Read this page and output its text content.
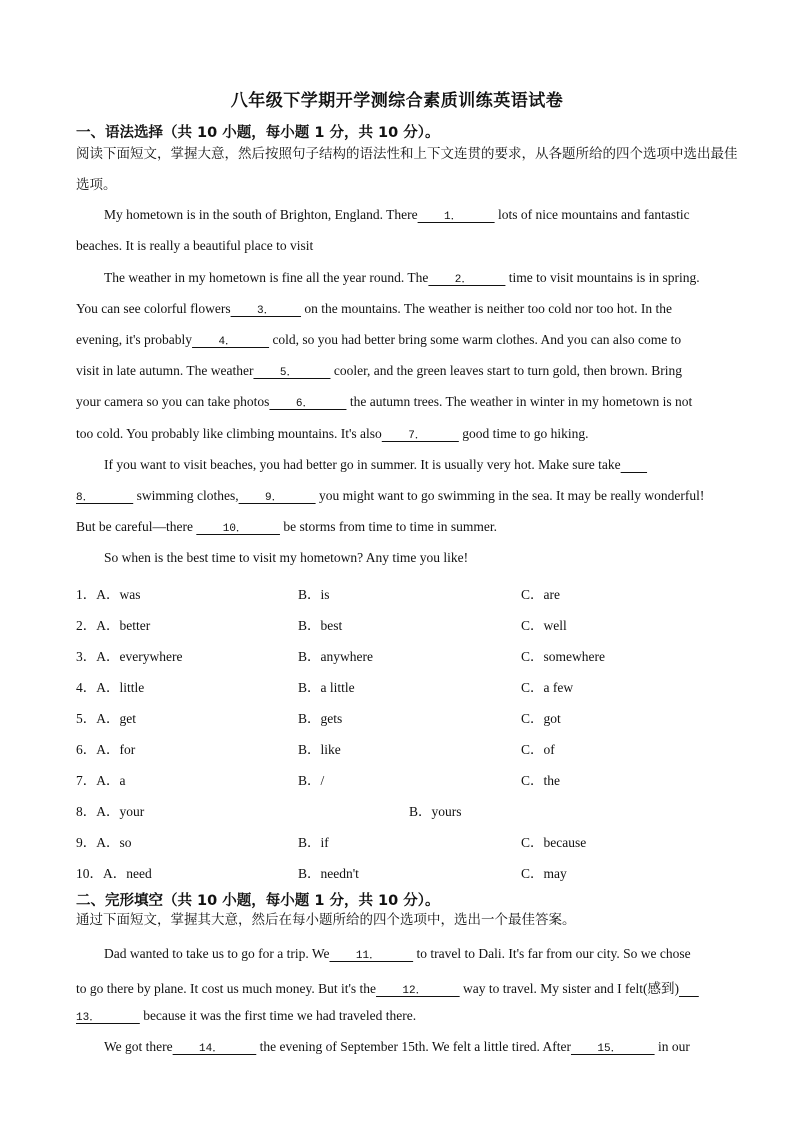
八年级下学期开学测综合素质训练英语试卷
一、语法选择（共 10 小题，每小题 1 分，共 10 分）。
阅读下面短文，掌握大意，然后按照句子结构的语法性和上下文连贯的要求，从各题所给的四个选项中选出最佳选项。
My hometown is in the south of Brighton, England. There    1．      lots of nice mountains and fantastic
beaches. It is really a beautiful place to visit
The weather in my hometown is fine all the year round. The    2．      time to visit mountains is in spring.
You can see colorful flowers    3．     on the mountains. The weather is neither too cold nor too hot. In the
evening, it's probably    4．      cold, so you had better bring some warm clothes. And you can also come to
visit in late autumn. The weather    5．      cooler, and the green leaves start to turn gold, then brown. Bring
your camera so you can take photos    6．      the autumn trees. The weather in winter in my hometown is not
too cold. You probably like climbing mountains. It's also    7．      good time to go hiking.
If you want to visit beaches, you had better go in summer. It is usually very hot. Make sure take
8．       swimming clothes,    9．      you might want to go swimming in the sea. It may be really wonderful!
But be careful—there     10．      be storms from time to time in summer.
So when is the best time to visit my hometown? Any time you like!
1．A．was	B．is	C．are
2．A．better	B．best	C．well
3．A．everywhere	B．anywhere	C．somewhere
4．A．little	B．a little	C．a few
5．A．get	B．gets	C．got
6．A．for	B．like	C．of
7．A．a	B．/	C．the
8．A．your	B．yours
9．A．so	B．if	C．because
10．A．need	B．needn't	C．may
二、完形填空（共 10 小题，每小题 1 分，共 10 分）。
通过下面短文，掌握其大意，然后在每小题所给的四个选项中，选出一个最佳答案。
Dad wanted to take us to go for a trip. We    11．      to travel to Dali. It's far from our city. So we chose
to go there by plane. It cost us much money. But it's the    12．      way to travel. My sister and I felt(感到)
13．       because it was the first time we had traveled there.
We got there    14．      the evening of September 15th. We felt a little tired. After    15．      in our
